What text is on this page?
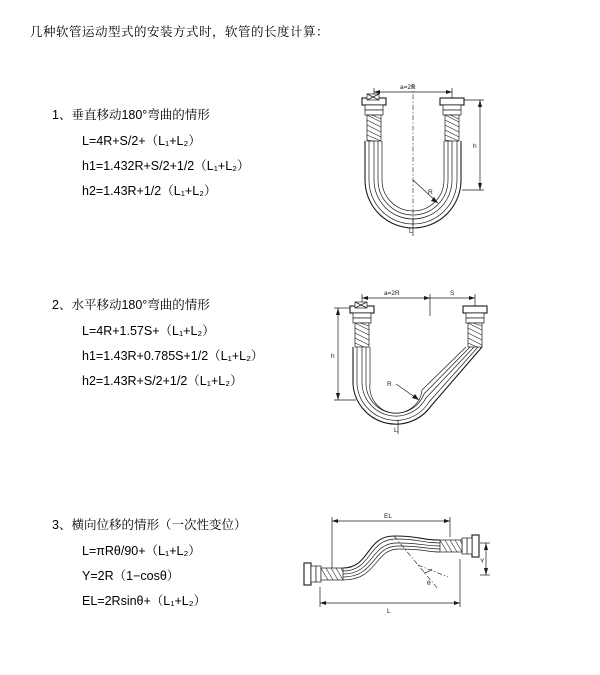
几种软管运动型式的安装方式时，软管的长度计算：
1、垂直移动180°弯曲的情形
L=4R+S/2+（L₁+L₂）
h1=1.432R+S/2+1/2（L₁+L₂）
h2=1.43R+1/2（L₁+L₂）
a=2R
R
h
L
2、水平移动180°弯曲的情形
L=4R+1.57S+（L₁+L₂）
h1=1.43R+0.785S+1/2（L₁+L₂）
h2=1.43R+S/2+1/2（L₁+L₂）
a=2R	S
R
h
L
3、横向位移的情形（一次性变位）
L=πRθ/90+（L₁+L₂）
Y=2R（1−cosθ）
EL=2Rsinθ+（L₁+L₂）
EL
Y
θ
L
